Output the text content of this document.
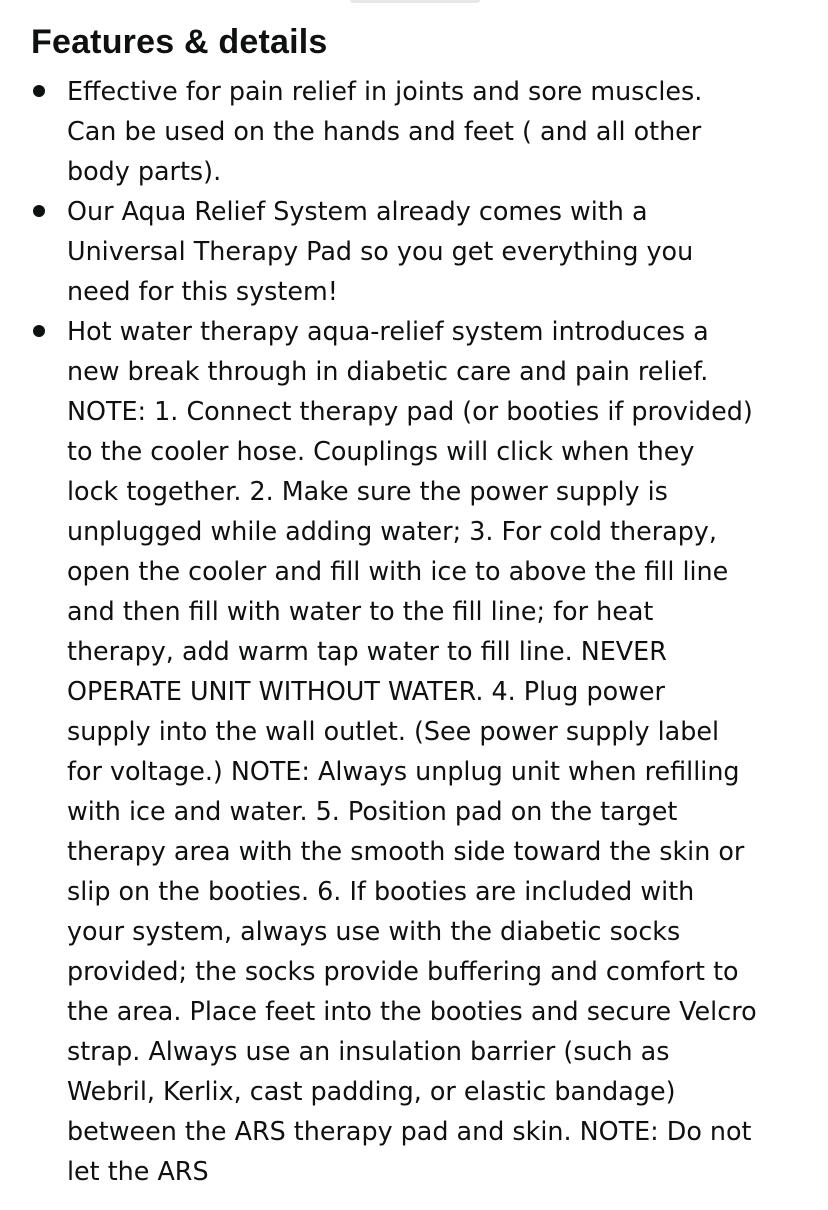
Features & details
Effective for pain relief in joints and sore muscles.
Can be used on the hands and feet ( and all other
body parts).
Our Aqua Relief System already comes with a
Universal Therapy Pad so you get everything you
need for this system!
Hot water therapy aqua-relief system introduces a
new break through in diabetic care and pain relief.
NOTE: 1. Connect therapy pad (or booties if provided)
to the cooler hose. Couplings will click when they
lock together. 2. Make sure the power supply is
unplugged while adding water; 3. For cold therapy,
open the cooler and fill with ice to above the fill line
and then fill with water to the fill line; for heat
therapy, add warm tap water to fill line. NEVER
OPERATE UNIT WITHOUT WATER. 4. Plug power
supply into the wall outlet. (See power supply label
for voltage.) NOTE: Always unplug unit when refilling
with ice and water. 5. Position pad on the target
therapy area with the smooth side toward the skin or
slip on the booties. 6. If booties are included with
your system, always use with the diabetic socks
provided; the socks provide buffering and comfort to
the area. Place feet into the booties and secure Velcro
strap. Always use an insulation barrier (such as
Webril, Kerlix, cast padding, or elastic bandage)
between the ARS therapy pad and skin. NOTE: Do not
let the ARS
